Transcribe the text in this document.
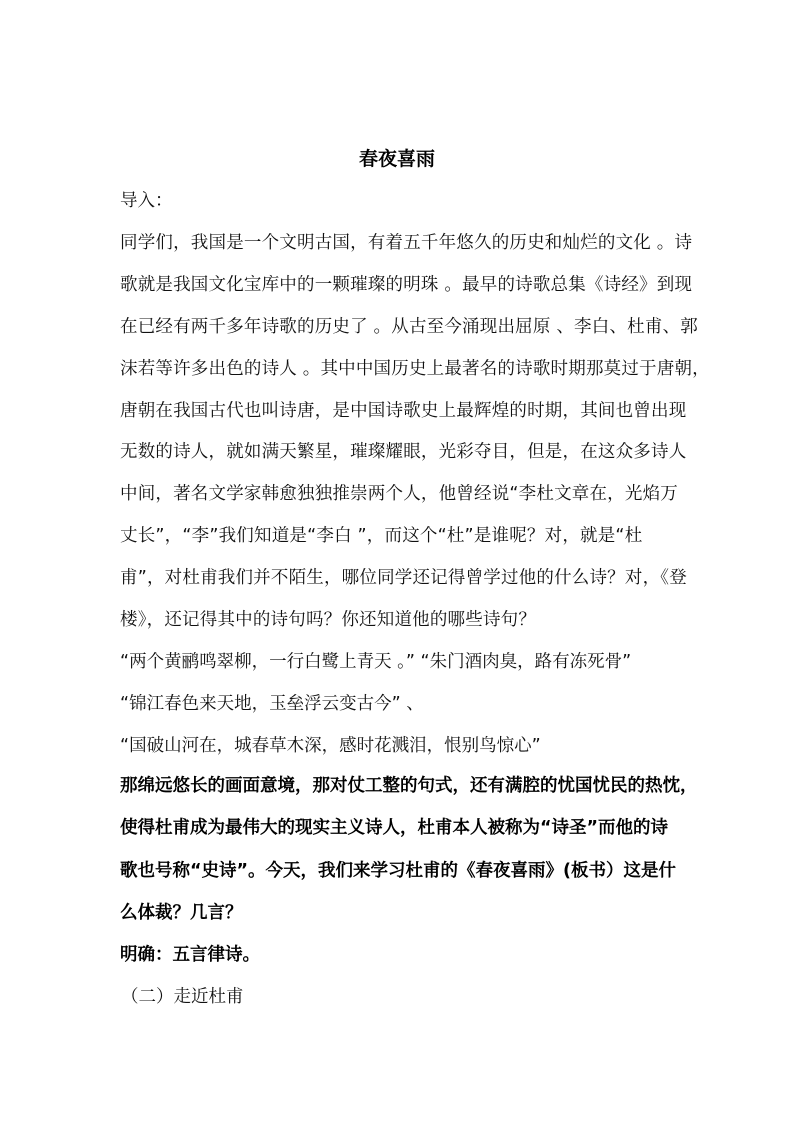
春夜喜雨
导入：
同学们，我国是一个文明古国，有着五千年悠久的历史和灿烂的文化 。诗
歌就是我国文化宝库中的一颗璀璨的明珠 。最早的诗歌总集《诗经》到现
在已经有两千多年诗歌的历史了 。从古至今涌现出屈原 、李白、杜甫、郭
沫若等许多出色的诗人 。其中中国历史上最著名的诗歌时期那莫过于唐朝，
唐朝在我国古代也叫诗唐，是中国诗歌史上最辉煌的时期，其间也曾出现
无数的诗人，就如满天繁星，璀璨耀眼，光彩夺目，但是，在这众多诗人
中间，著名文学家韩愈独独推崇两个人，他曾经说“李杜文章在，光焰万
丈长”，“李”我们知道是“李白 ”，而这个“杜”是谁呢？对，就是“杜
甫”，对杜甫我们并不陌生，哪位同学还记得曾学过他的什么诗？对，《登
楼》，还记得其中的诗句吗？你还知道他的哪些诗句？
“两个黄鹂鸣翠柳，一行白鹭上青天 。” “朱门酒肉臭，路有冻死骨”
“锦江春色来天地，玉垒浮云变古今” 、
“国破山河在，城春草木深，感时花溅泪，恨别鸟惊心”
那绵远悠长的画面意境，那对仗工整的句式，还有满腔的忧国忧民的热忱，
使得杜甫成为最伟大的现实主义诗人，杜甫本人被称为“诗圣”而他的诗
歌也号称“史诗”。今天，我们来学习杜甫的《春夜喜雨》(板书）这是什
么体裁？几言？
明确：五言律诗。
（二）走近杜甫
